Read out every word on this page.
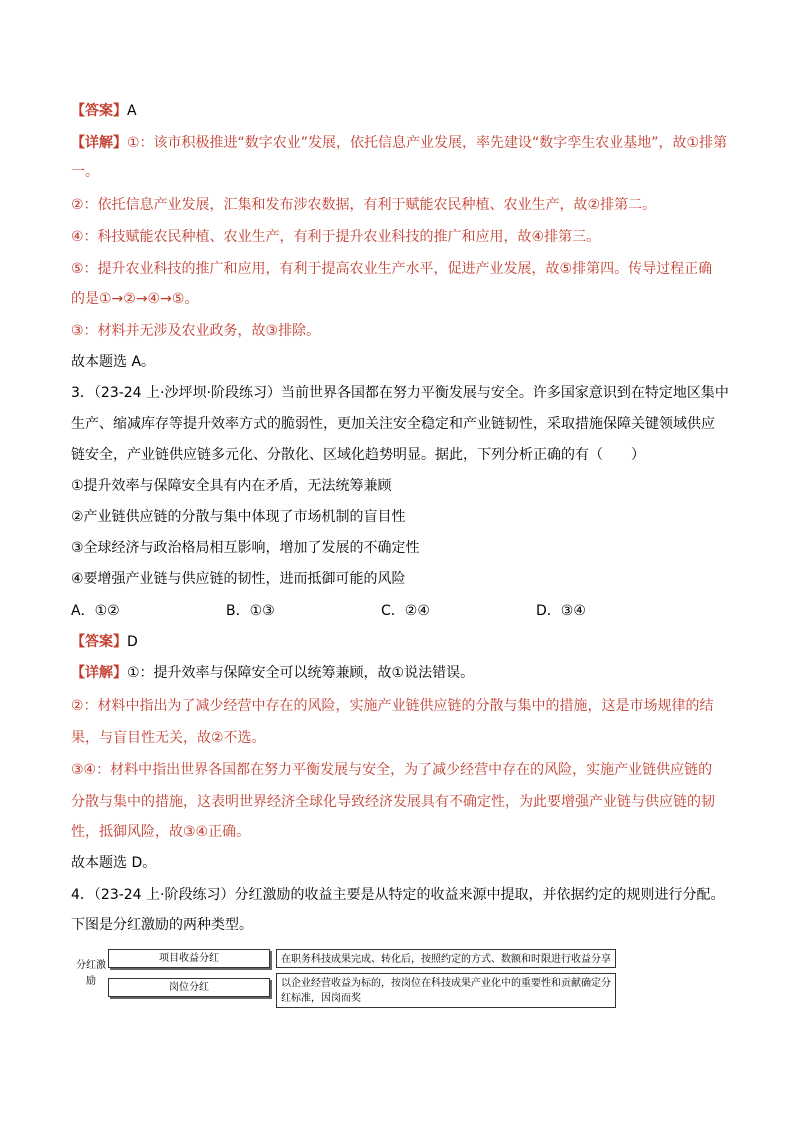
【答案】A
【详解】①：该市积极推进“数字农业”发展，依托信息产业发展，率先建设“数字孪生农业基地”，故①排第
一。
②：依托信息产业发展，汇集和发布涉农数据，有利于赋能农民种植、农业生产，故②排第二。
④：科技赋能农民种植、农业生产，有利于提升农业科技的推广和应用，故④排第三。
⑤：提升农业科技的推广和应用，有利于提高农业生产水平，促进产业发展，故⑤排第四。传导过程正确
的是①→②→④→⑤。
③：材料并无涉及农业政务，故③排除。
故本题选 A。
3．（23-24 上·沙坪坝·阶段练习）当前世界各国都在努力平衡发展与安全。许多国家意识到在特定地区集中
生产、缩减库存等提升效率方式的脆弱性，更加关注安全稳定和产业链韧性，采取措施保障关键领域供应
链安全，产业链供应链多元化、分散化、区域化趋势明显。据此，下列分析正确的有（　　）
①提升效率与保障安全具有内在矛盾，无法统筹兼顾
②产业链供应链的分散与集中体现了市场机制的盲目性
③全球经济与政治格局相互影响，增加了发展的不确定性
④要增强产业链与供应链的韧性，进而抵御可能的风险
A．①②	B．①③	C．②④	D．③④
【答案】D
【详解】①：提升效率与保障安全可以统筹兼顾，故①说法错误。
②：材料中指出为了减少经营中存在的风险，实施产业链供应链的分散与集中的措施，这是市场规律的结
果，与盲目性无关，故②不选。
③④：材料中指出世界各国都在努力平衡发展与安全，为了减少经营中存在的风险，实施产业链供应链的
分散与集中的措施，这表明世界经济全球化导致经济发展具有不确定性，为此要增强产业链与供应链的韧
性，抵御风险，故③④正确。
故本题选 D。
4．（23-24 上·阶段练习）分红激励的收益主要是从特定的收益来源中提取，并依据约定的规则进行分配。
下图是分红激励的两种类型。
分红激励
项目收益分红	在职务科技成果完成、转化后，按照约定的方式、数额和时限进行收益分享
岗位分红	以企业经营收益为标的，按岗位在科技成果产业化中的重要性和贡献确定分红标准，因岗而奖
